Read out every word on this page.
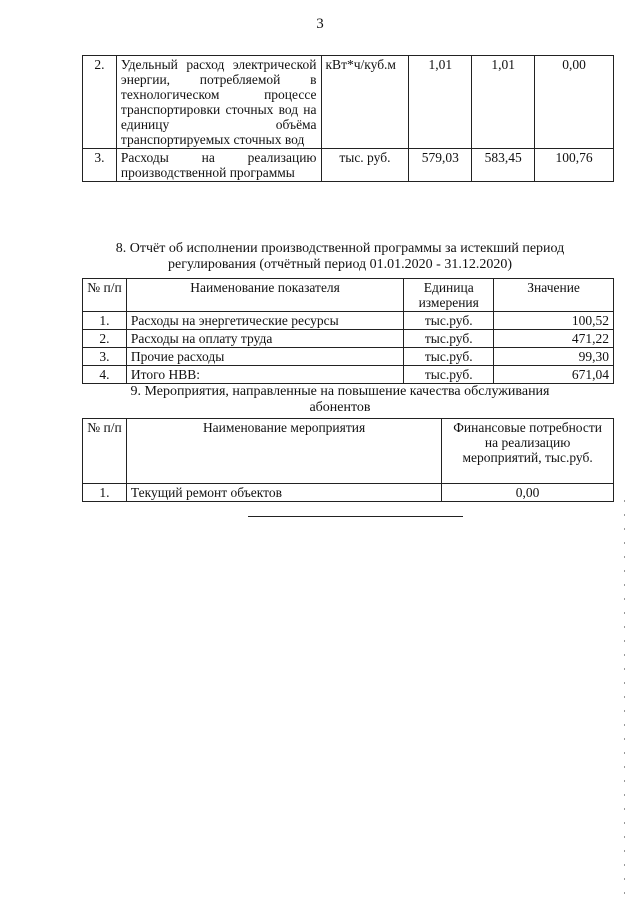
3
2.	Удельный расход электрической энергии, потребляемой в технологическом процессе транспортировки сточных вод на единицу объёма транспортируемых сточных вод	кВт*ч/куб.м	1,01	1,01	0,00
3.	Расходы на реализацию производственной программы	тыс. руб.	579,03	583,45	100,76
8. Отчёт об исполнении производственной программы за истекший период
регулирования (отчётный период 01.01.2020 - 31.12.2020)
№ п/п	Наименование показателя	Единица измерения	Значение
1.	Расходы на энергетические ресурсы	тыс.руб.	100,52
2.	Расходы на оплату труда	тыс.руб.	471,22
3.	Прочие расходы	тыс.руб.	99,30
4.	Итого НВВ:	тыс.руб.	671,04
9. Мероприятия, направленные на повышение качества обслуживания
абонентов
№ п/п	Наименование мероприятия	Финансовые потребности на реализацию мероприятий, тыс.руб.
1.	Текущий ремонт объектов	0,00
